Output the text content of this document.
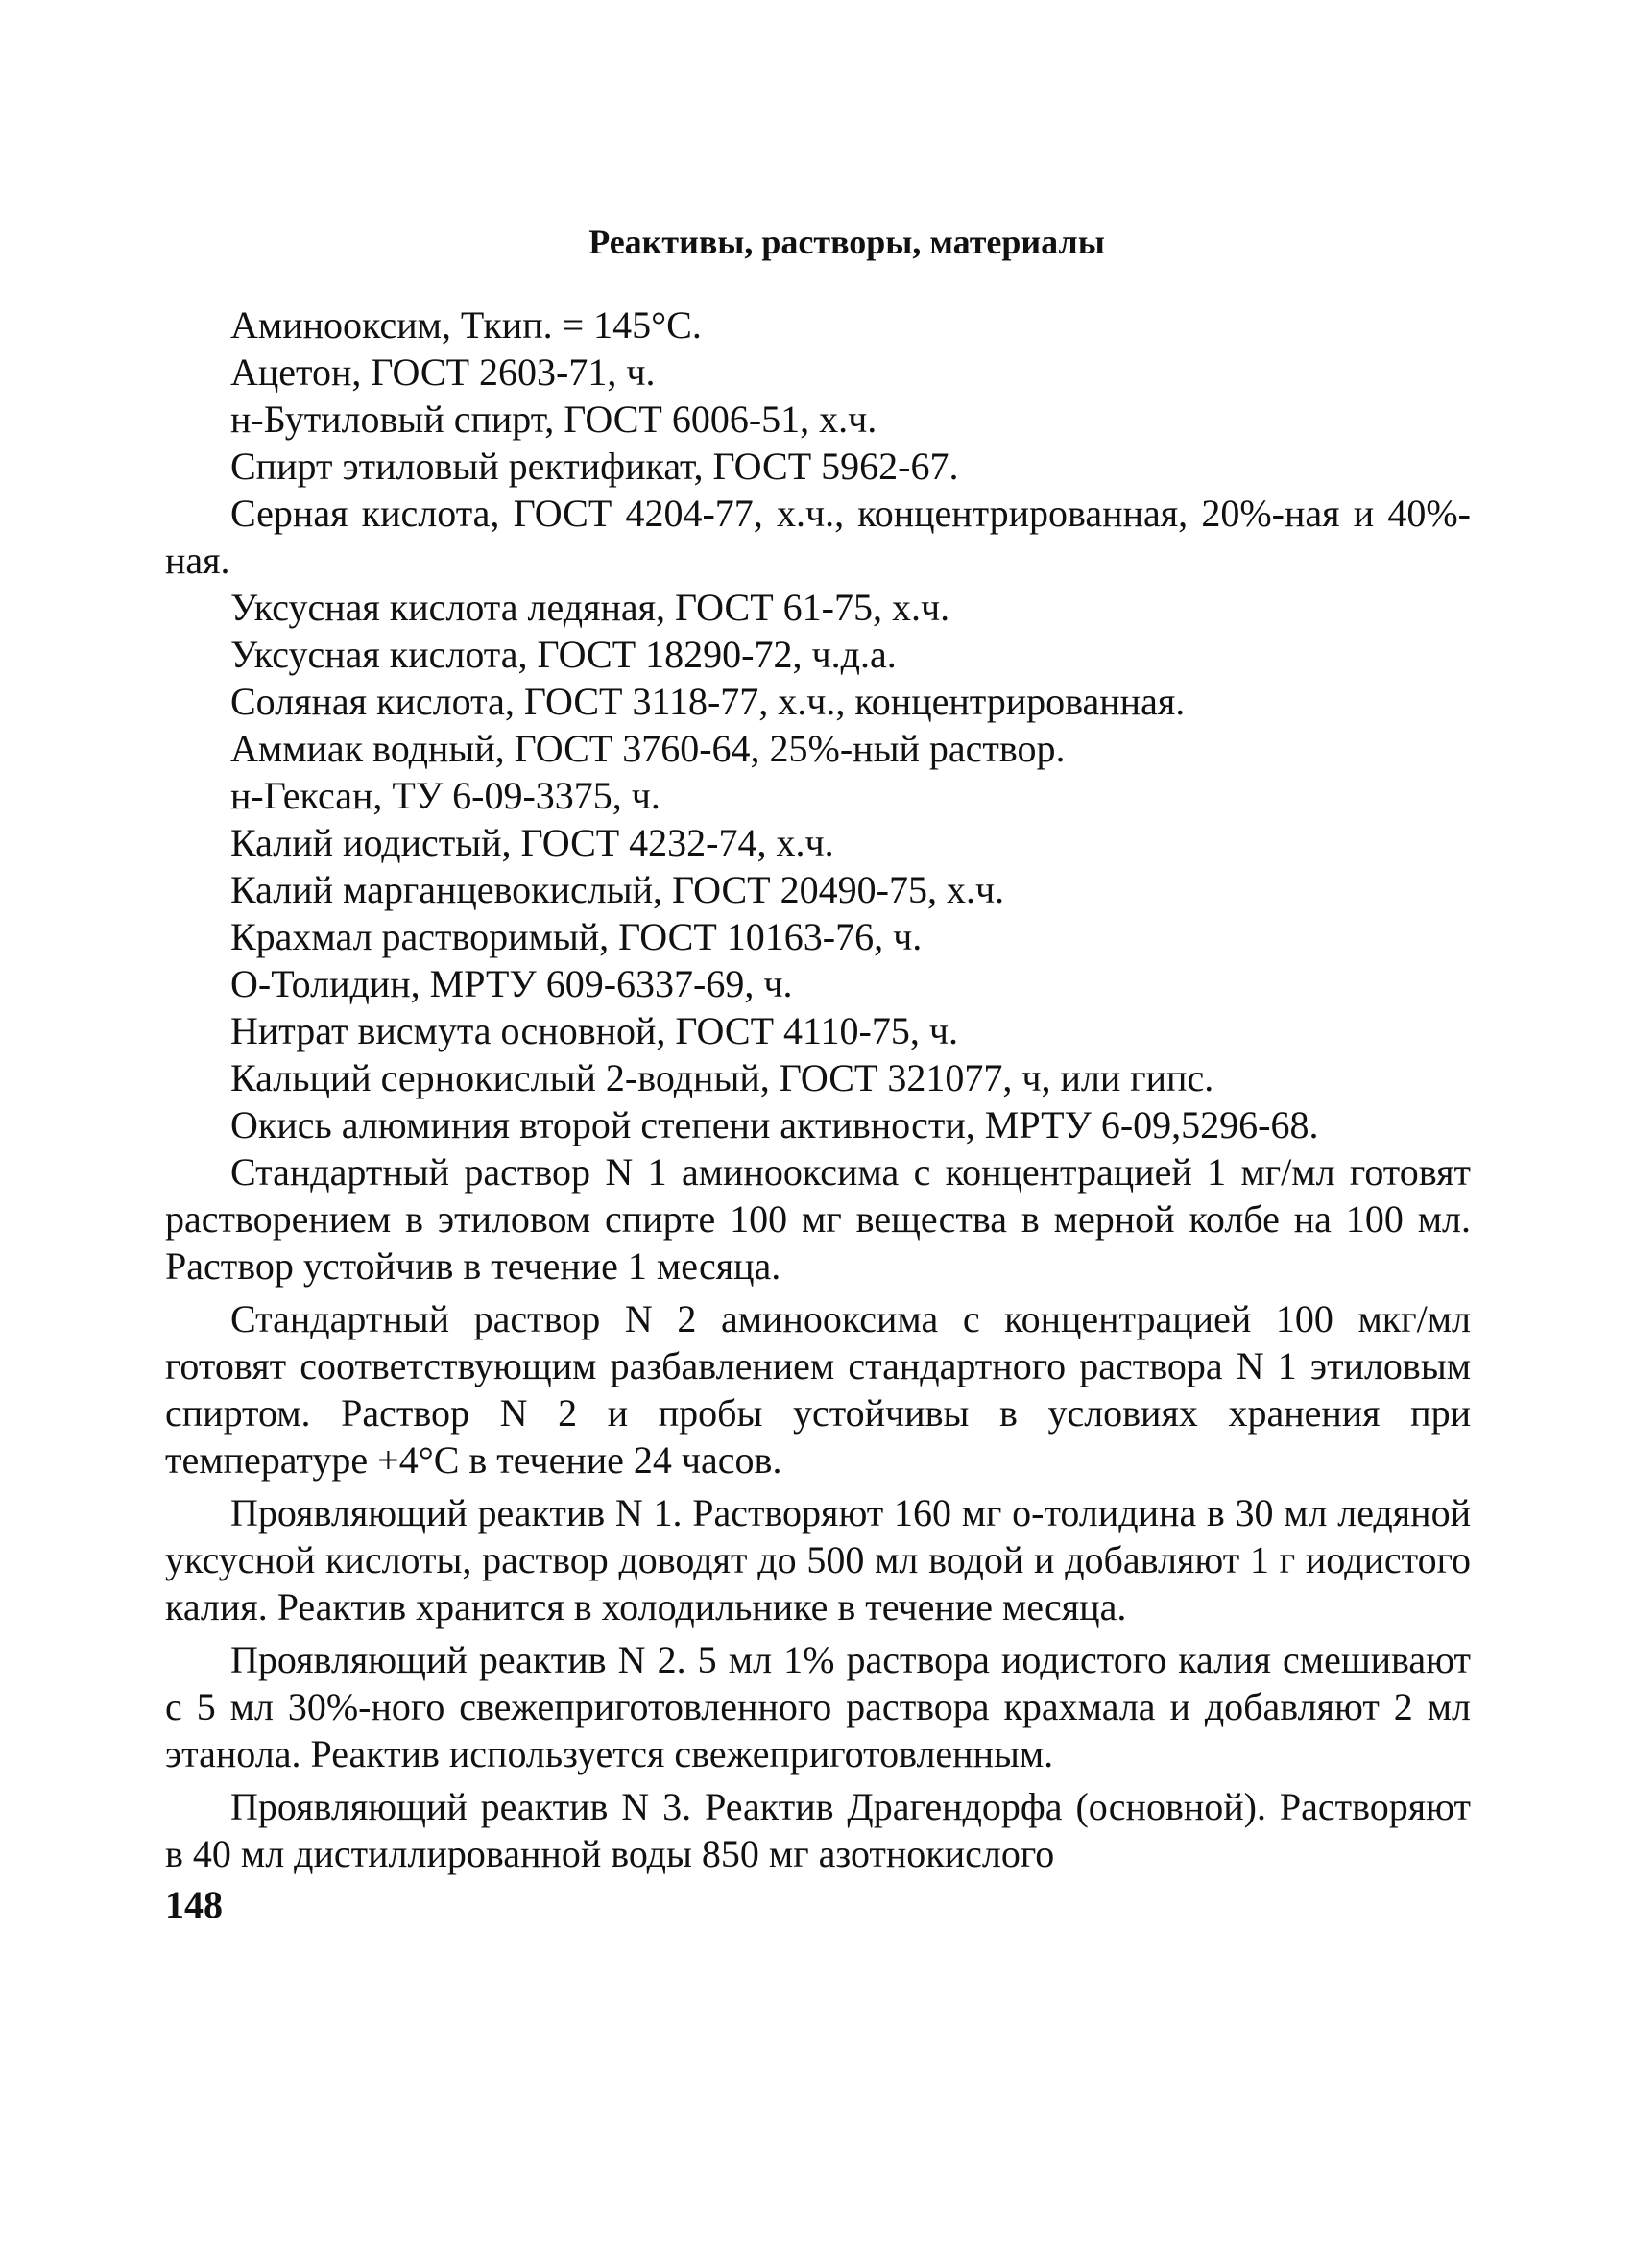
Реактивы, растворы, материалы

Аминооксим, Ткип. = 145°С.

Ацетон, ГОСТ 2603-71, ч.

н-Бутиловый спирт, ГОСТ 6006-51, х.ч.

Спирт этиловый ректификат, ГОСТ 5962-67.

Серная кислота, ГОСТ 4204-77, х.ч., концентрированная, 20%-ная и 40%-ная.

Уксусная кислота ледяная, ГОСТ 61-75, х.ч.

Уксусная кислота, ГОСТ 18290-72, ч.д.а.

Соляная кислота, ГОСТ 3118-77, х.ч., концентрированная.

Аммиак водный, ГОСТ 3760-64, 25%-ный раствор.

н-Гексан, ТУ 6-09-3375, ч.

Калий иодистый, ГОСТ 4232-74, х.ч.

Калий марганцевокислый, ГОСТ 20490-75, х.ч.

Крахмал растворимый, ГОСТ 10163-76, ч.

О-Толидин, МРТУ 609-6337-69, ч.

Нитрат висмута основной, ГОСТ 4110-75, ч.

Кальций сернокислый 2-водный, ГОСТ 321077, ч, или гипс.

Окись алюминия второй степени активности, МРТУ 6-09,5296-68.

Стандартный раствор N 1 аминооксима с концентрацией 1 мг/мл готовят растворением в этиловом спирте 100 мг вещества в мерной колбе на 100 мл. Раствор устойчив в течение 1 месяца.

Стандартный раствор N 2 аминооксима с концентрацией 100 мкг/мл готовят соответствующим разбавлением стандартного раствора N 1 этиловым спиртом. Раствор N 2 и пробы устойчивы в условиях хранения при температуре +4°С в течение 24 часов.

Проявляющий реактив N 1. Растворяют 160 мг о-толидина в 30 мл ледяной уксусной кислоты, раствор доводят до 500 мл водой и добавляют 1 г иодистого калия. Реактив хранится в холодильнике в течение месяца.

Проявляющий реактив N 2. 5 мл 1% раствора иодистого калия смешивают с 5 мл 30%-ного свежеприготовленного раствора крахмала и добавляют 2 мл этанола. Реактив используется свежеприготовленным.

Проявляющий реактив N 3. Реактив Драгендорфа (основной). Растворяют в 40 мл дистиллированной воды 850 мг азотнокислого

148
